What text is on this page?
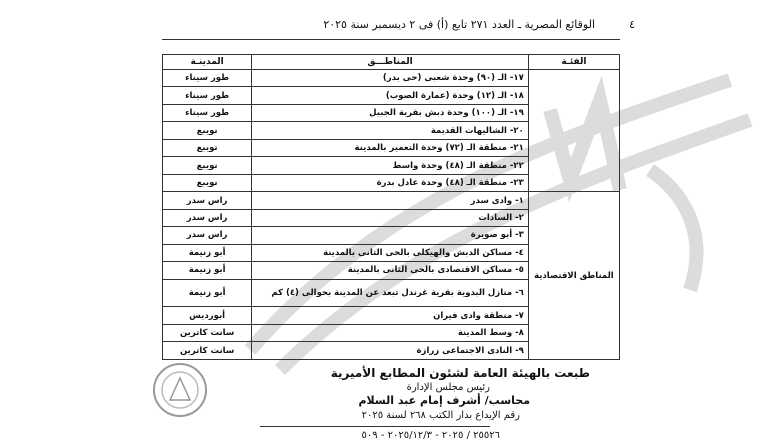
٤
الوقائع المصرية ـ العدد ٢٧١ تابع (أ) فى ٢ ديسمبر سنة ٢٠٢٥
الفئـة	المناطـــق	المدينـة
	١٧- الـ (٩٠) وحدة شعبى (حى بدر)	طور سيناء
	١٨- الـ (١٢) وحدة (عمارة الصوب)	طور سيناء
	١٩- الـ (١٠٠) وحدة دبش بقرية الجبيل	طور سيناء
	٢٠- الشاليهات القديمة	نويبع
	٢١- منطقة الـ (٧٢) وحدة التعمير بالمدينة	نويبع
	٢٢- منطقة الـ (٤٨) وحدة واسط	نويبع
	٢٣- منطقة الـ (٤٨) وحدة عادل بدرة	نويبع
المناطق الاقتصادية	١- وادى سدر	راس سدر
	٢- السادات	راس سدر
	٣- أبو صويرة	راس سدر
	٤- مساكن الدبش والهيكلى بالحى الثانى بالمدينة	أبو زنيمة
	٥- مساكن الاقتصادى بالحى الثانى بالمدينة	أبو زنيمة
	٦- منازل البدوية بقرية غرندل تبعد عن المدينة بحوالى (٤) كم	أبو زنيمة
	٧- منطقة وادى فيران	أبورديس
	٨- وسط المدينة	سانت كاترين
	٩- النادى الاجتماعى زرازة	سانت كاترين
طبعت بالهيئة العامة لشئون المطابع الأميرية
رئيس مجلس الإدارة
محاسب/ أشرف إمام عبد السلام
رقم الإيداع بدار الكتب ٢٦٨ لسنة ٢٠٢٥
٢٥٥٢٦ / ٢٠٢٥ - ٢٠٢٥/١٢/٣ - ٥٠٩
